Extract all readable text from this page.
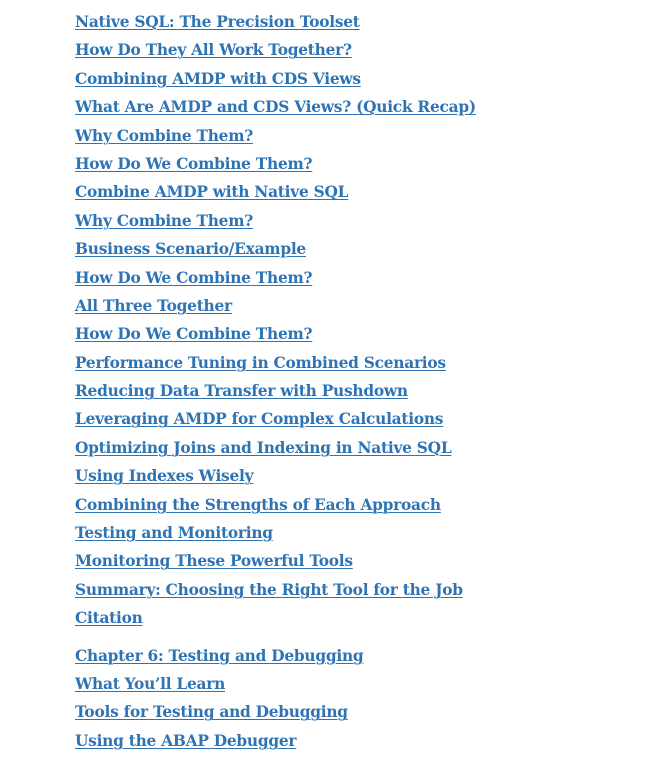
Native SQL: The Precision Toolset
How Do They All Work Together?
Combining AMDP with CDS Views
What Are AMDP and CDS Views? (Quick Recap)
Why Combine Them?
How Do We Combine Them?
Combine AMDP with Native SQL
Why Combine Them?
Business Scenario/Example
How Do We Combine Them?
All Three Together
How Do We Combine Them?
Performance Tuning in Combined Scenarios
Reducing Data Transfer with Pushdown
Leveraging AMDP for Complex Calculations
Optimizing Joins and Indexing in Native SQL
Using Indexes Wisely
Combining the Strengths of Each Approach
Testing and Monitoring
Monitoring These Powerful Tools
Summary: Choosing the Right Tool for the Job
Citation
Chapter 6: Testing and Debugging
What You’ll Learn
Tools for Testing and Debugging
Using the ABAP Debugger
